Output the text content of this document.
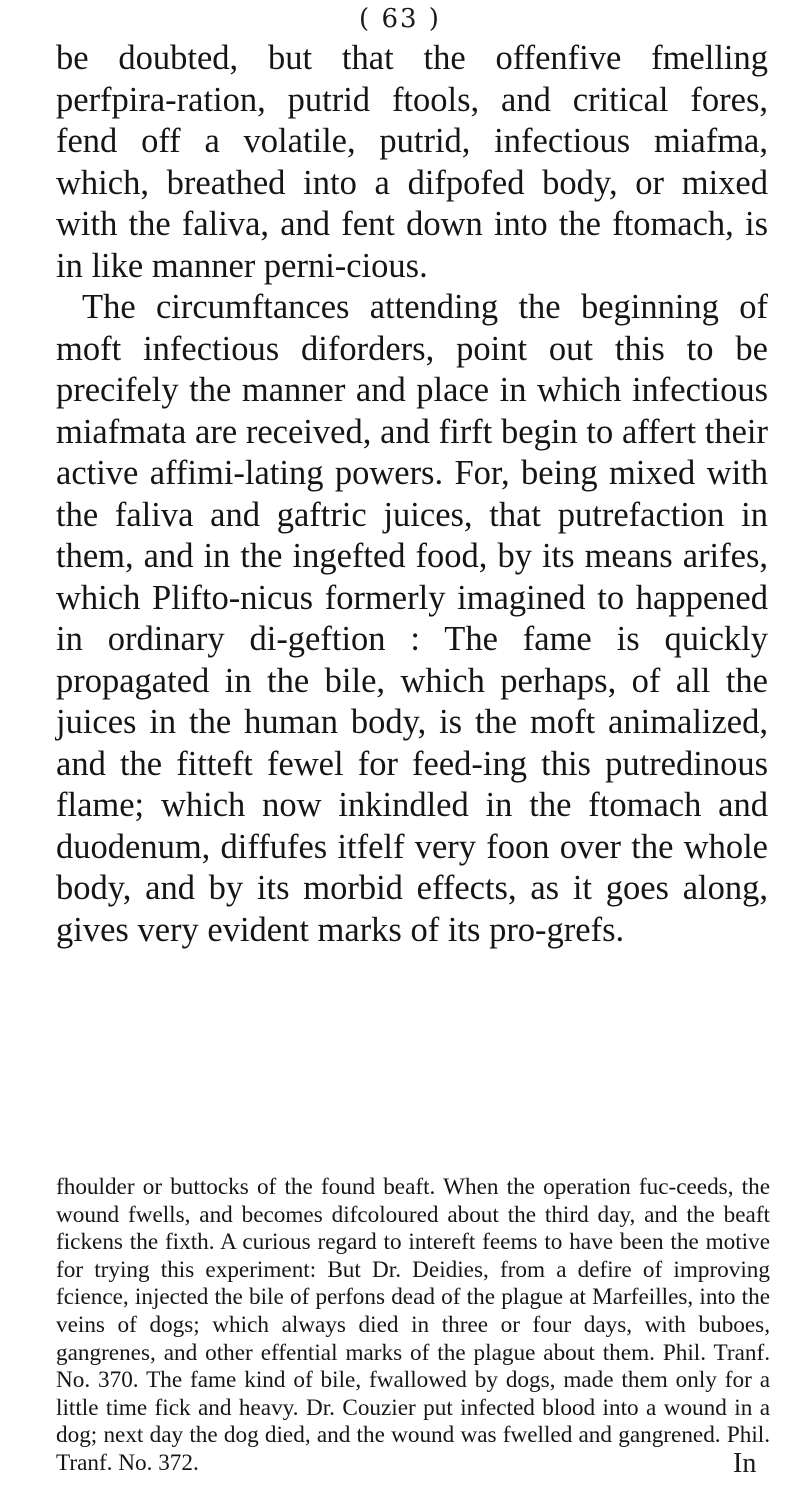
( 63 )

be doubted, but that the offenfive fmelling perfpira-ration, putrid ftools, and critical fores, fend off a volatile, putrid, infectious miafma, which, breathed into a difpofed body, or mixed with the faliva, and fent down into the ftomach, is in like manner perni-cious.

The circumftances attending the beginning of moft infectious diforders, point out this to be precifely the manner and place in which infectious miafmata are received, and firft begin to affert their active affimi-lating powers. For, being mixed with the faliva and gaftric juices, that putrefaction in them, and in the ingefted food, by its means arifes, which Plifto-nicus formerly imagined to happened in ordinary di-geftion : The fame is quickly propagated in the bile, which perhaps, of all the juices in the human body, is the moft animalized, and the fitteft fewel for feed-ing this putredinous flame; which now inkindled in the ftomach and duodenum, diffufes itfelf very foon over the whole body, and by its morbid effects, as it goes along, gives very evident marks of its pro-grefs.

fhoulder or buttocks of the found beaft. When the operation fuc-ceeds, the wound fwells, and becomes difcoloured about the third day, and the beaft fickens the fixth. A curious regard to intereft feems to have been the motive for trying this experiment: But Dr. Deidies, from a defire of improving fcience, injected the bile of perfons dead of the plague at Marfeilles, into the veins of dogs; which always died in three or four days, with buboes, gangrenes, and other effential marks of the plague about them. Phil. Tranf. No. 370. The fame kind of bile, fwallowed by dogs, made them only for a little time fick and heavy. Dr. Couzier put infected blood into a wound in a dog; next day the dog died, and the wound was fwelled and gangrened. Phil. Tranf. No. 372.	In
